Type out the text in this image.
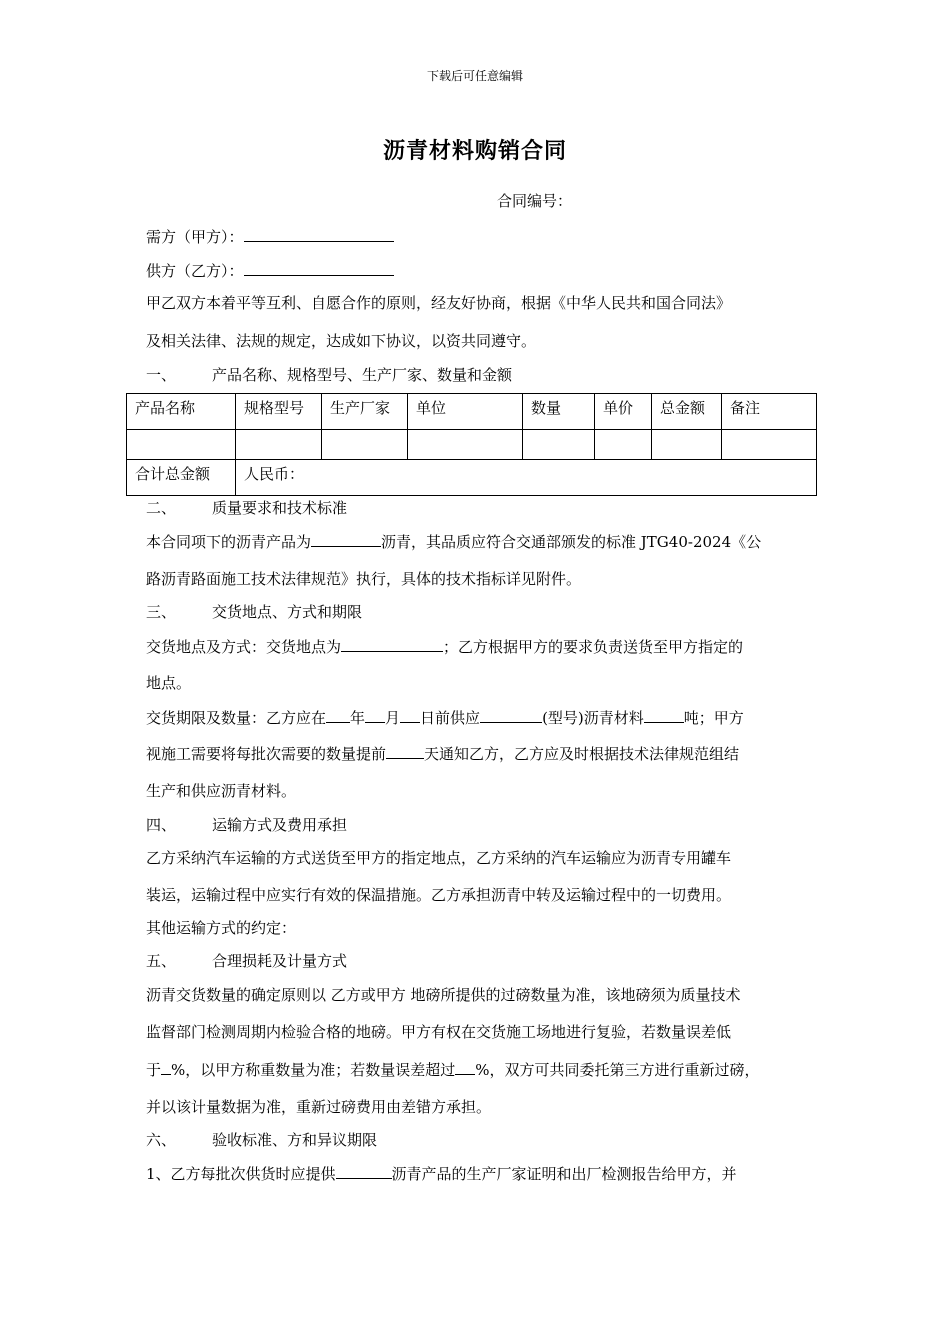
下载后可任意编辑
沥青材料购销合同
合同编号：
需方（甲方）：
供方（乙方）：
甲乙双方本着平等互利、自愿合作的原则，经友好协商，根据《中华人民共和国合同法》
及相关法律、法规的规定，达成如下协议，以资共同遵守。
一、 产品名称、规格型号、生产厂家、数量和金额
产品名称	规格型号	生产厂家	单位	数量	单价	总金额	备注

合计总金额	人民币：						
二、 质量要求和技术标准
本合同项下的沥青产品为	沥青，其品质应符合交通部颁发的标准 JTG40-2024《公
路沥青路面施工技术法律规范》执行，具体的技术指标详见附件。
三、 交货地点、方式和期限
交货地点及方式：交货地点为	；乙方根据甲方的要求负责送货至甲方指定的
地点。
交货期限及数量：乙方应在 年 月 日前供应	(型号)沥青材料	吨；甲方
视施工需要将每批次需要的数量提前	天通知乙方，乙方应及时根据技术法律规范组结
生产和供应沥青材料。
四、 运输方式及费用承担
乙方采纳汽车运输的方式送货至甲方的指定地点，乙方采纳的汽车运输应为沥青专用罐车
装运，运输过程中应实行有效的保温措施。乙方承担沥青中转及运输过程中的一切费用。
其他运输方式的约定：
五、 合理损耗及计量方式
沥青交货数量的确定原则以 乙方或甲方 地磅所提供的过磅数量为准，该地磅须为质量技术
监督部门检测周期内检验合格的地磅。甲方有权在交货施工场地进行复验，若数量误差低
于 %，以甲方称重数量为准；若数量误差超过 %，双方可共同委托第三方进行重新过磅，
并以该计量数据为准，重新过磅费用由差错方承担。
六、 验收标准、方和异议期限
1、乙方每批次供货时应提供	沥青产品的生产厂家证明和出厂检测报告给甲方，并
